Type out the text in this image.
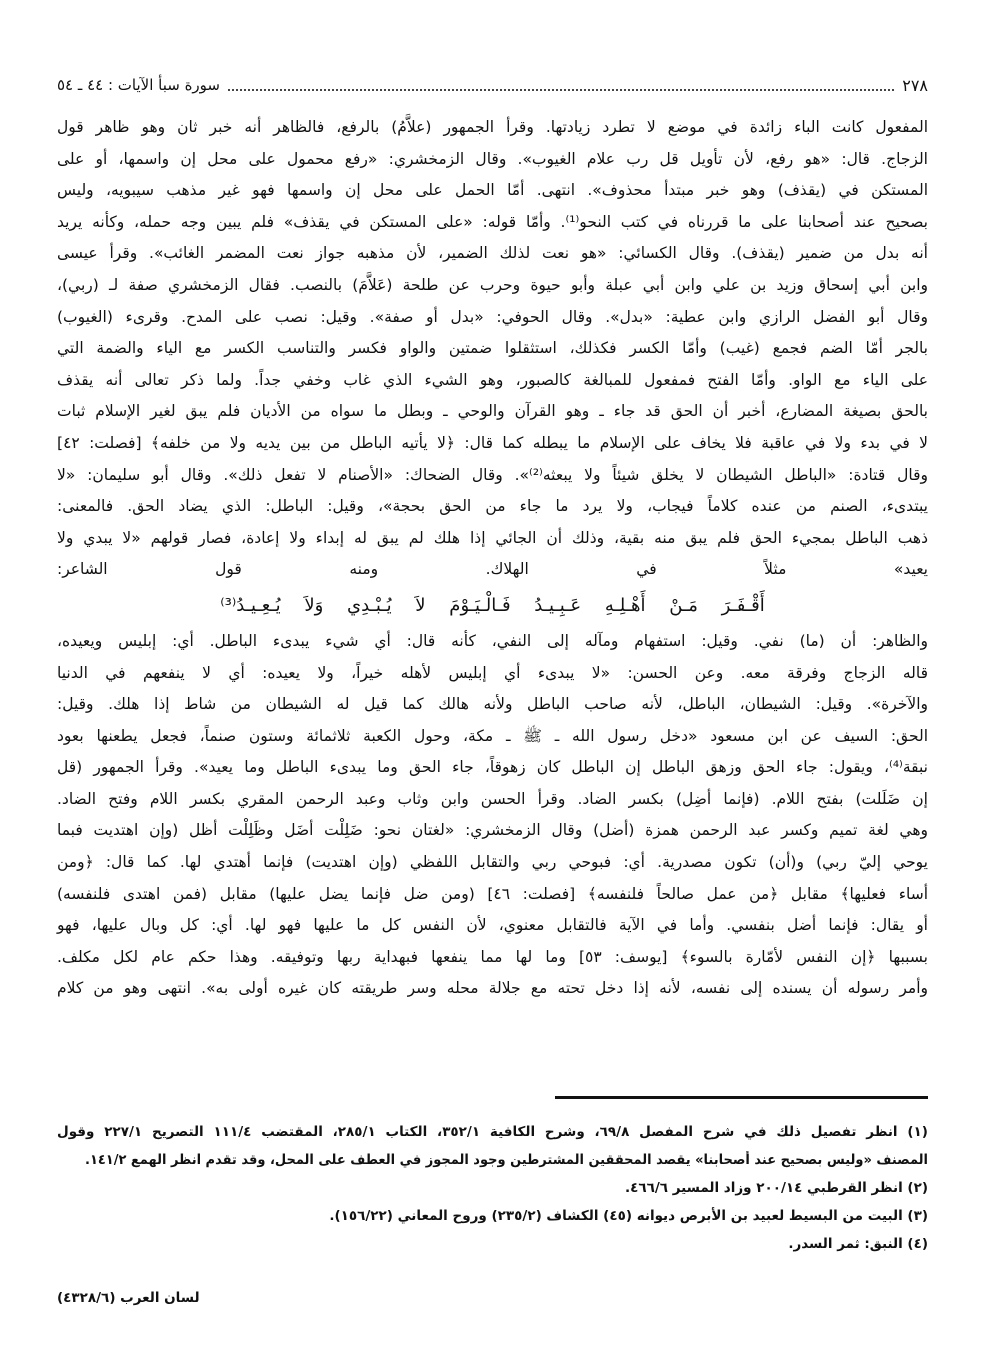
٢٧٨
سورة سبأ الآيات : ٤٤ ـ ٥٤
المفعول كانت الباء زائدة في موضع لا تطرد زيادتها. وقرأ الجمهور (علاَّمُ) بالرفع، فالظاهر أنه خبر ثان وهو ظاهر قول
الزجاج. قال: «هو رفع، لأن تأويل قل رب علام الغيوب». وقال الزمخشري: «رفع محمول على محل إن واسمها، أو على
المستكن في (يقذف) وهو خبر مبتدأ محذوف». انتهى. أمّا الحمل على محل إن واسمها فهو غير مذهب سيبويه، وليس
بصحيح عند أصحابنا على ما قررناه في كتب النحو⁽¹⁾. وأمّا قوله: «على المستكن في يقذف» فلم يبين وجه حمله، وكأنه يريد
أنه بدل من ضمير (يقذف). وقال الكسائي: «هو نعت لذلك الضمير، لأن مذهبه جواز نعت المضمر الغائب». وقرأ عيسى
وابن أبي إسحاق وزيد بن علي وابن أبي عبلة وأبو حيوة وحرب عن طلحة (عَلاَّمَ) بالنصب. فقال الزمخشري صفة لـ (ربي)،
وقال أبو الفضل الرازي وابن عطية: «بدل». وقال الحوفي: «بدل أو صفة». وقيل: نصب على المدح. وقرىء (الغيوب)
بالجر أمّا الضم فجمع (غيب) وأمّا الكسر فكذلك، استثقلوا ضمتين والواو فكسر والتناسب الكسر مع الياء والضمة التي
على الياء مع الواو. وأمّا الفتح فمفعول للمبالغة كالصبور، وهو الشيء الذي غاب وخفي جداً. ولما ذكر تعالى أنه يقذف
بالحق بصيغة المضارع، أخبر أن الحق قد جاء ـ وهو القرآن والوحي ـ وبطل ما سواه من الأديان فلم يبق لغير الإسلام ثبات
لا في بدء ولا في عاقبة فلا يخاف على الإسلام ما يبطله كما قال: ﴿لا يأتيه الباطل من بين يديه ولا من خلفه﴾ [فصلت: ٤٢]
وقال قتادة: «الباطل الشيطان لا يخلق شيئاً ولا يبعثه⁽²⁾». وقال الضحاك: «الأصنام لا تفعل ذلك». وقال أبو سليمان: «لا
يبتدىء، الصنم من عنده كلاماً فيجاب، ولا يرد ما جاء من الحق بحجة»، وقيل: الباطل: الذي يضاد الحق. فالمعنى:
ذهب الباطل بمجيء الحق فلم يبق منه بقية، وذلك أن الجائي إذا هلك لم يبق له إبداء ولا إعادة، فصار قولهم «لا يبدي ولا
يعيد» مثلاً في الهلاك. ومنه قول الشاعر:
أَقْـفَـرَ مَـنْ أَهْـلِـهِ عَـبِـيـدُ فَـالْـيَـوْمَ لاَ يُـبْـدِي وَلاَ يُـعِـيـدُ⁽³⁾
والظاهر: أن (ما) نفي. وقيل: استفهام ومآله إلى النفي، كأنه قال: أي شيء يبدىء الباطل. أي: إبليس ويعيده،
قاله الزجاج وفرقة معه. وعن الحسن: «لا يبدىء أي إبليس لأهله خيراً، ولا يعيده: أي لا ينفعهم في الدنيا
والآخرة». وقيل: الشيطان، الباطل، لأنه صاحب الباطل ولأنه هالك كما قيل له الشيطان من شاط إذا هلك. وقيل:
الحق: السيف عن ابن مسعود «دخل رسول الله ـ ﷺ ـ مكة، وحول الكعبة ثلاثمائة وستون صنماً، فجعل يطعنها بعود
نبقة⁽⁴⁾، ويقول: جاء الحق وزهق الباطل إن الباطل كان زهوقاً، جاء الحق وما يبدىء الباطل وما يعيد». وقرأ الجمهور (قل
إن ضَلَلت) بفتح اللام. (فإنما أضِل) بكسر الضاد. وقرأ الحسن وابن وثاب وعبد الرحمن المقري بكسر اللام وفتح الضاد.
وهي لغة تميم وكسر عبد الرحمن همزة (أضل) وقال الزمخشري: «لغتان نحو: ضَلِلْت أضَل وظَلِلْت أظل (وإن اهتديت فبما
يوحي إليّ ربي) و(أن) تكون مصدرية. أي: فبوحي ربي والتقابل اللفظي (وإن اهتديت) فإنما أهتدي لها. كما قال: ﴿ومن
أساء فعليها﴾ مقابل ﴿من عمل صالحاً فلنفسه﴾ [فصلت: ٤٦] (ومن ضل فإنما يضل عليها) مقابل (فمن اهتدى فلنفسه)
أو يقال: فإنما أضل بنفسي. وأما في الآية فالتقابل معنوي، لأن النفس كل ما عليها فهو لها. أي: كل وبال عليها، فهو
بسببها ﴿إن النفس لأمّارة بالسوء﴾ [يوسف: ٥٣] وما لها مما ينفعها فبهداية ربها وتوفيقه. وهذا حكم عام لكل مكلف.
وأمر رسوله أن يسنده إلى نفسه، لأنه إذا دخل تحته مع جلالة محله وسر طريقته كان غيره أولى به». انتهى وهو من كلام
(١) انظر تفصيل ذلك في شرح المفصل ٦٩/٨، وشرح الكافية ٣٥٢/١، الكتاب ٢٨٥/١، المقتضب ١١١/٤ التصريح ٢٢٧/١ وقول
المصنف «وليس بصحيح عند أصحابنا» يقصد المحققين المشترطين وجود المجوز في العطف على المحل، وقد تقدم انظر الهمع ١٤١/٢.
(٢) انظر القرطبي ٢٠٠/١٤ وزاد المسير ٤٦٦/٦.
(٣) البيت من البسيط لعبيد بن الأبرص ديوانه (٤٥) الكشاف (٢٣٥/٢) وروح المعاني (١٥٦/٢٢).
(٤) النبق: ثمر السدر.
لسان العرب (٤٣٢٨/٦)
